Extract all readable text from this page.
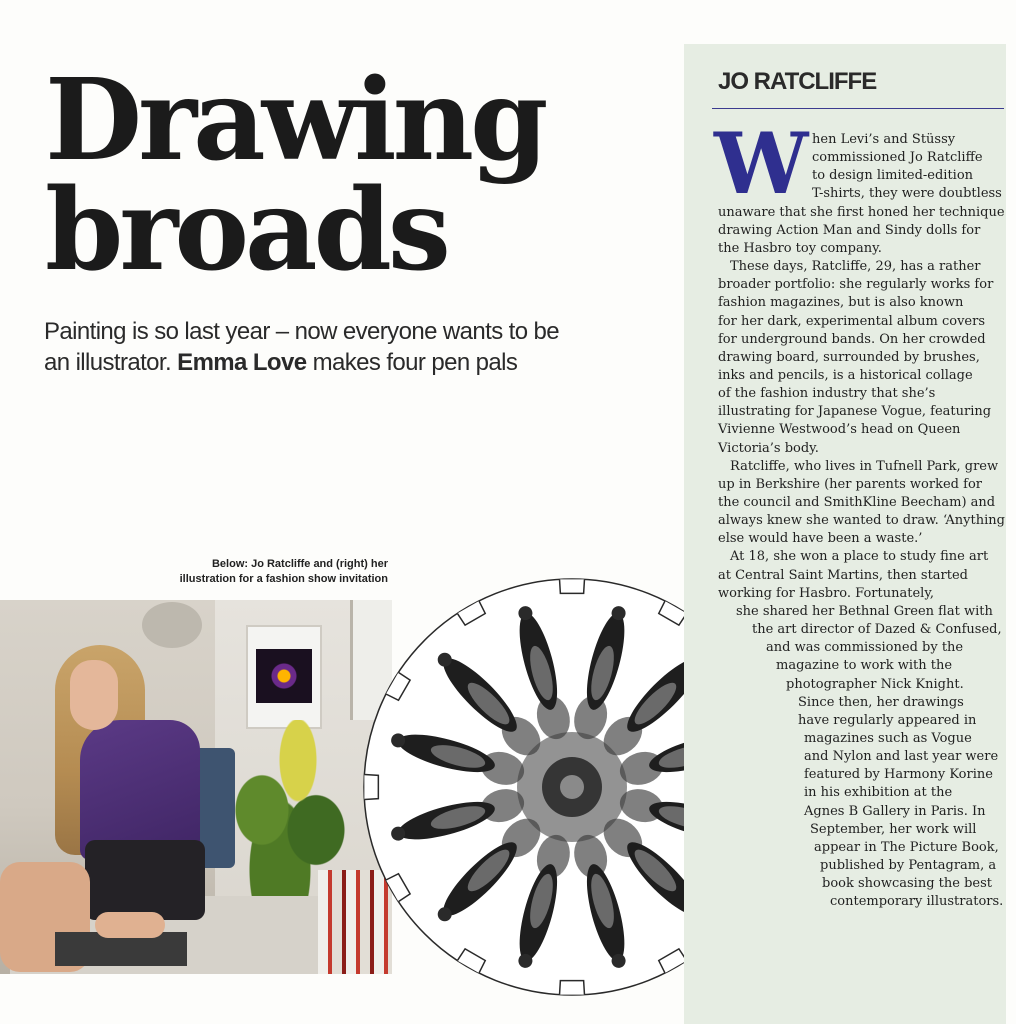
Drawing
broads

Painting is so last year – now everyone wants to be an illustrator. Emma Love makes four pen pals

Below: Jo Ratcliffe and (right) her
illustration for a fashion show invitation
JO RATCLIFFE
W hen Levi’s and Stüssy
commissioned Jo Ratcliffe
to design limited-edition
T-shirts, they were doubtless
unaware that she first honed her technique
drawing Action Man and Sindy dolls for
the Hasbro toy company.
These days, Ratcliffe, 29, has a rather
broader portfolio: she regularly works for
fashion magazines, but is also known
for her dark, experimental album covers
for underground bands. On her crowded
drawing board, surrounded by brushes,
inks and pencils, is a historical collage
of the fashion industry that she’s
illustrating for Japanese Vogue, featuring
Vivienne Westwood’s head on Queen
Victoria’s body.
Ratcliffe, who lives in Tufnell Park, grew
up in Berkshire (her parents worked for
the council and SmithKline Beecham) and
always knew she wanted to draw. ‘Anything
else would have been a waste.’
At 18, she won a place to study fine art
at Central Saint Martins, then started
working for Hasbro. Fortunately,
she shared her Bethnal Green flat with
the art director of Dazed & Confused,
and was commissioned by the
magazine to work with the
photographer Nick Knight.
Since then, her drawings
have regularly appeared in
magazines such as Vogue
and Nylon and last year were
featured by Harmony Korine
in his exhibition at the
Agnes B Gallery in Paris. In
September, her work will
appear in The Picture Book,
published by Pentagram, a
book showcasing the best
contemporary illustrators.
